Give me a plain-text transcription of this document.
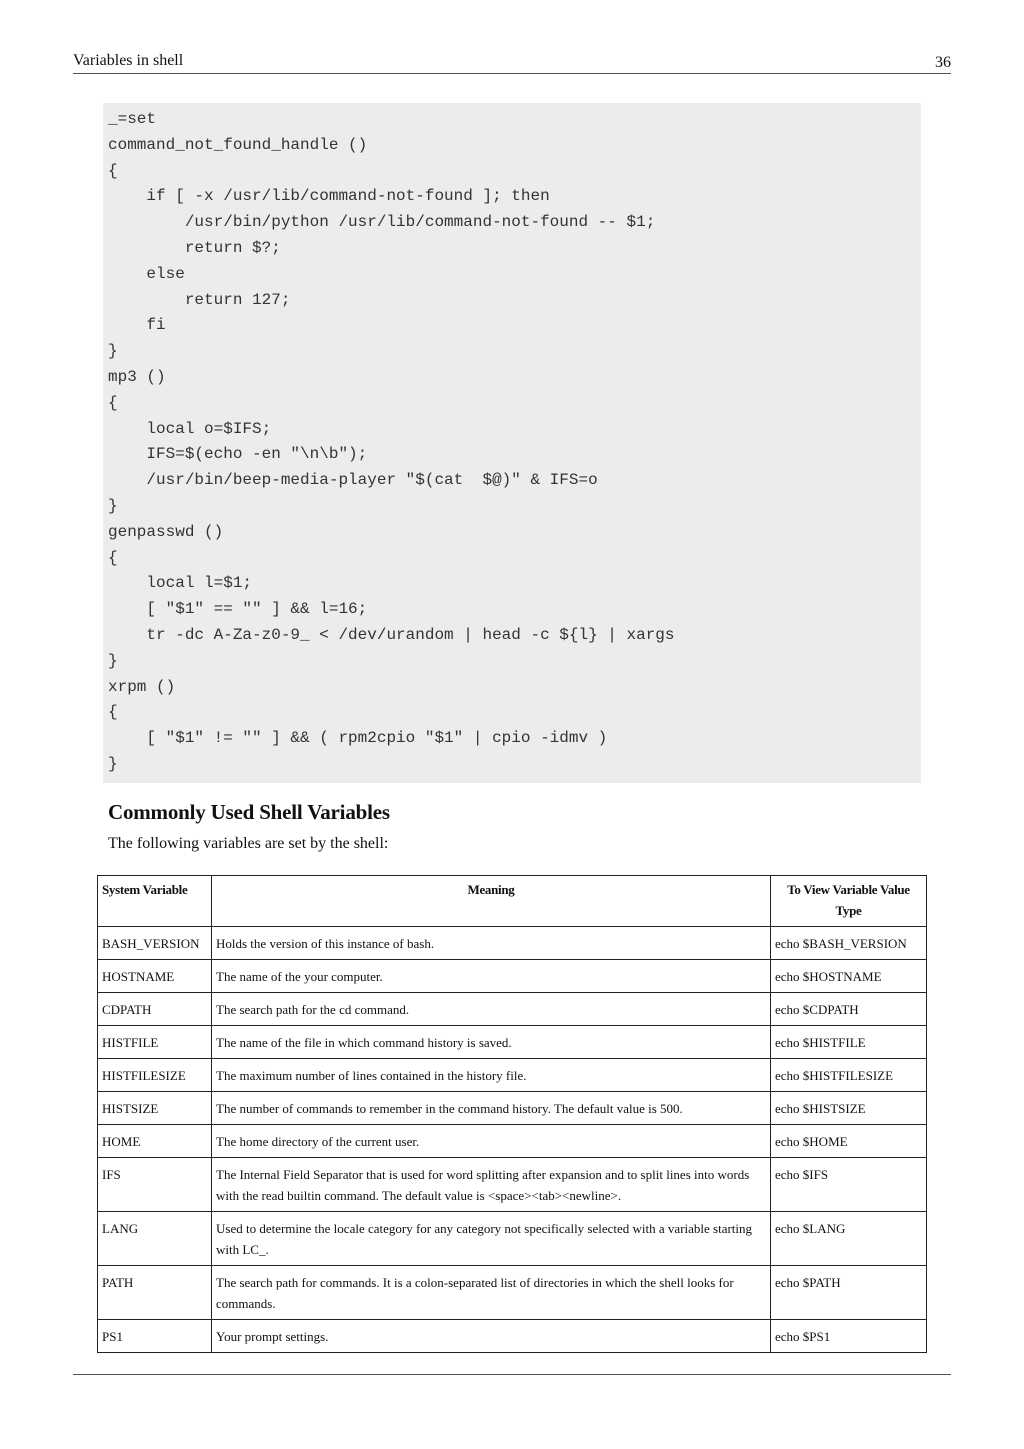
Variables in shell	36
_=set
command_not_found_handle ()
{
if [ -x /usr/lib/command-not-found ]; then
/usr/bin/python /usr/lib/command-not-found -- $1;
return $?;
else
return 127;
fi
}
mp3 ()
{
local o=$IFS;
IFS=$(echo -en "\n\b");
/usr/bin/beep-media-player "$(cat  $@)" & IFS=o
}
genpasswd ()
{
local l=$1;
[ "$1" == "" ] && l=16;
tr -dc A-Za-z0-9_ < /dev/urandom | head -c ${l} | xargs
}
xrpm ()
{
[ "$1" != "" ] && ( rpm2cpio "$1" | cpio -idmv )
}
Commonly Used Shell Variables

The following variables are set by the shell:

System Variable	Meaning	To View Variable Value Type
BASH_VERSION	Holds the version of this instance of bash.	echo $BASH_VERSION
HOSTNAME	The name of the your computer.	echo $HOSTNAME
CDPATH	The search path for the cd command.	echo $CDPATH
HISTFILE	The name of the file in which command history is saved.	echo $HISTFILE
HISTFILESIZE	The maximum number of lines contained in the history file.	echo $HISTFILESIZE
HISTSIZE	The number of commands to remember in the command history. The default value is 500.	echo $HISTSIZE
HOME	The home directory of the current user.	echo $HOME
IFS	The Internal Field Separator that is used for word splitting after expansion and to split lines into words with the read builtin command. The default value is <space><tab><newline>.	echo $IFS
LANG	Used to determine the locale category for any category not specifically selected with a variable starting with LC_.	echo $LANG
PATH	The search path for commands. It is a colon-separated list of directories in which the shell looks for commands.	echo $PATH
PS1	Your prompt settings.	echo $PS1
